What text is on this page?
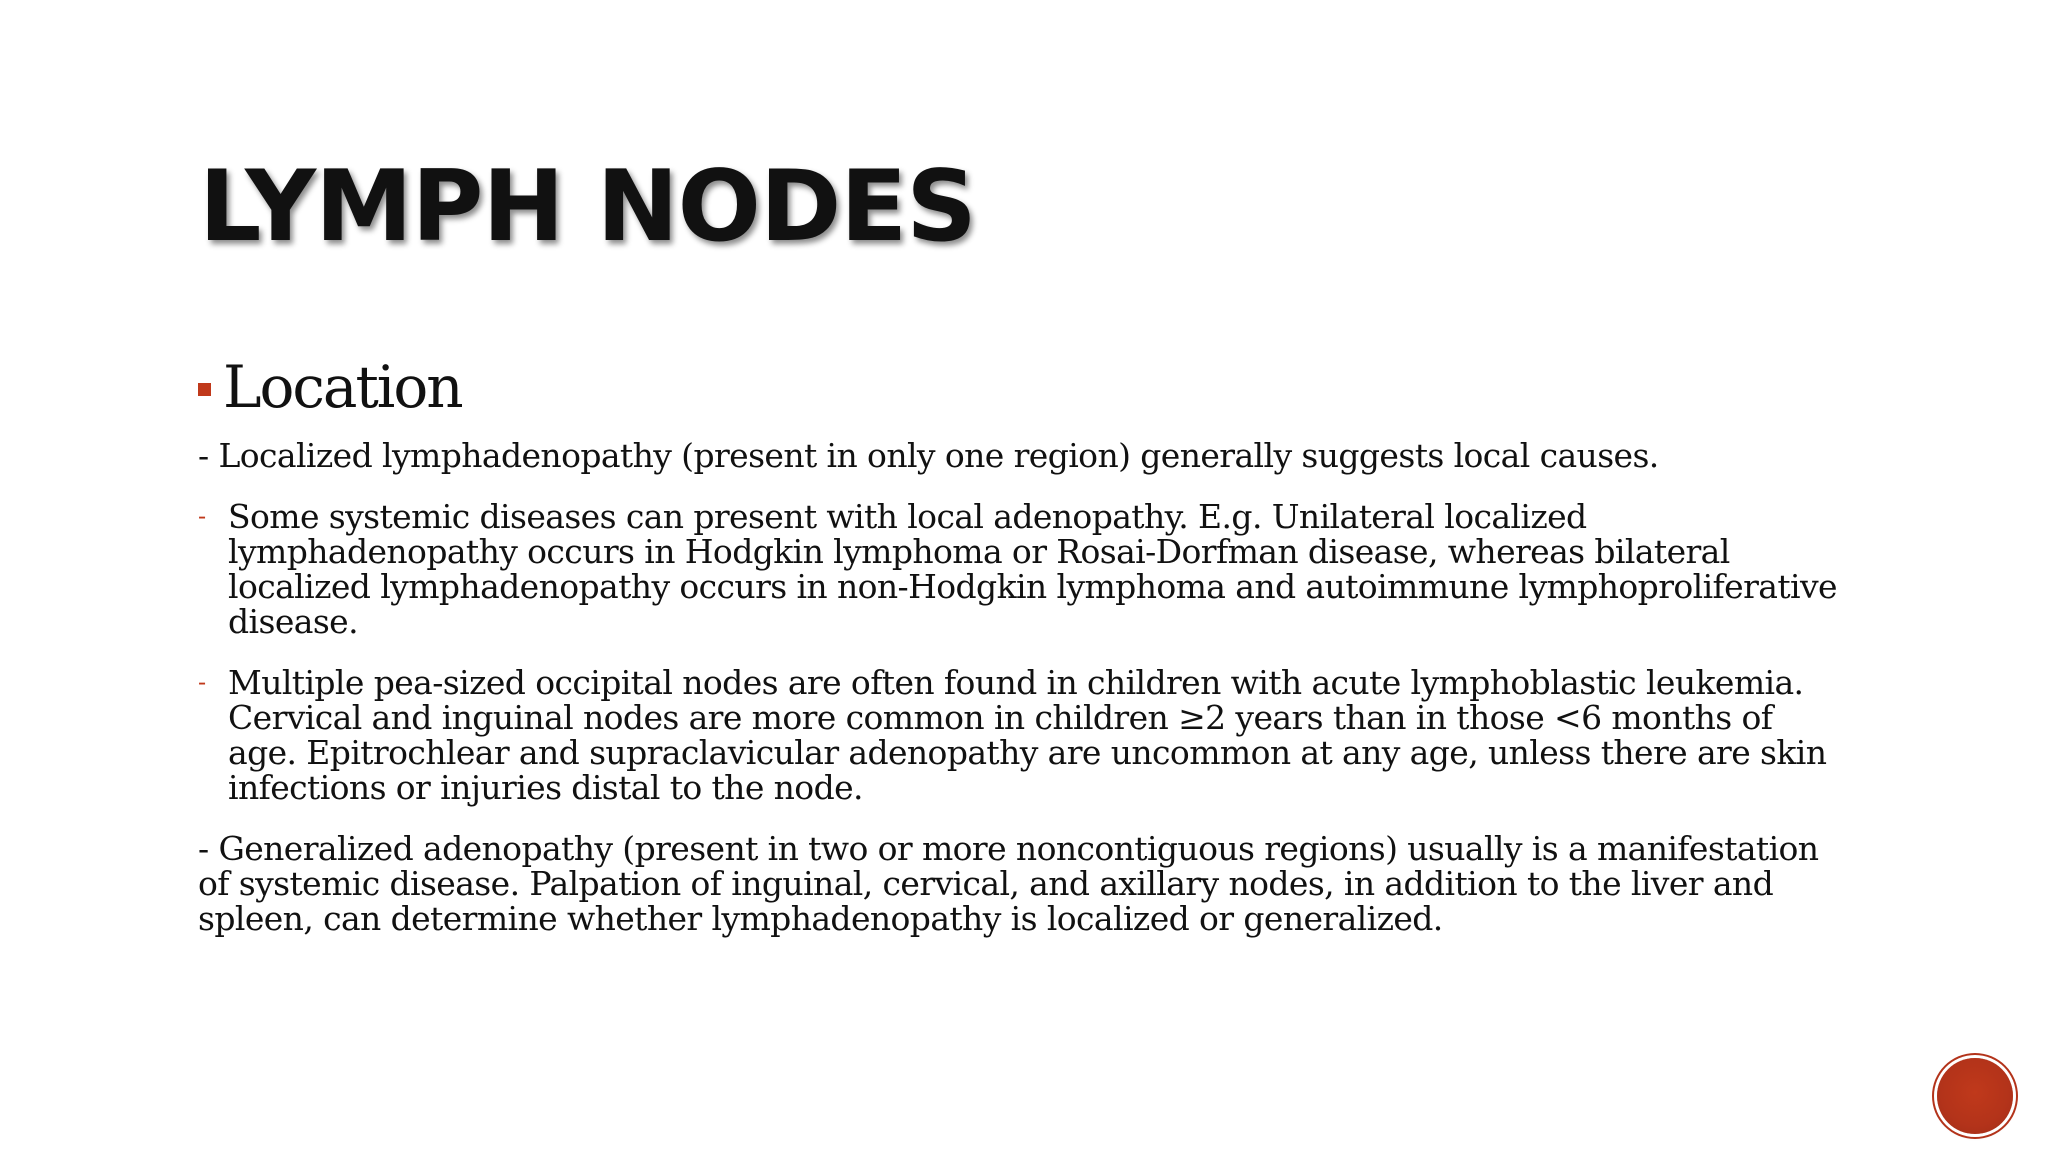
LYMPH NODES
Location

- Localized lymphadenopathy (present in only one region) generally suggests local causes.

- Some systemic diseases can present with local adenopathy. E.g. Unilateral localized lymphadenopathy occurs in Hodgkin lymphoma or Rosai-Dorfman disease, whereas bilateral localized lymphadenopathy occurs in non-Hodgkin lymphoma and autoimmune lymphoproliferative disease.
- Multiple pea-sized occipital nodes are often found in children with acute lymphoblastic leukemia. Cervical and inguinal nodes are more common in children ≥2 years than in those <6 months of age. Epitrochlear and supraclavicular adenopathy are uncommon at any age, unless there are skin infections or injuries distal to the node.

- Generalized adenopathy (present in two or more noncontiguous regions) usually is a manifestation of systemic disease. Palpation of inguinal, cervical, and axillary nodes, in addition to the liver and spleen, can determine whether lymphadenopathy is localized or generalized.
